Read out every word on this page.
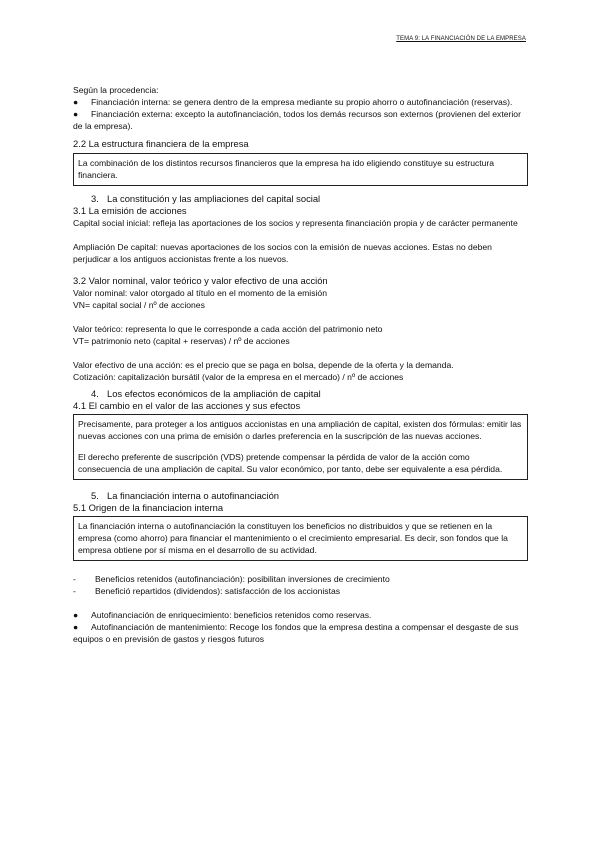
TEMA 9: LA FINANCIACIÓN DE LA EMPRESA

Según la procedencia:

● Financiación interna: se genera dentro de la empresa mediante su propio ahorro o autofinanciación (reservas).

● Financiación externa: excepto la autofinanciación, todos los demás recursos son externos (provienen del exterior de la empresa).

2.2 La estructura financiera de la empresa

La combinación de los distintos recursos financieros que la empresa ha ido eligiendo constituye su estructura financiera.

3. La constitución y las ampliaciones del capital social

3.1 La emisión de acciones

Capital social inicial: refleja las aportaciones de los socios y representa financiación propia y de carácter permanente

Ampliación De capital: nuevas aportaciones de los socios con la emisión de nuevas acciones. Estas no deben perjudicar a los antiguos accionistas frente a los nuevos.

3.2 Valor nominal, valor teórico y valor efectivo de una acción

Valor nominal: valor otorgado al título en el momento de la emisión

VN= capital social / nº de acciones

Valor teórico: representa lo que le corresponde a cada acción del patrimonio neto

VT= patrimonio neto (capital + reservas) / nº de acciones

Valor efectivo de una acción: es el precio que se paga en bolsa, depende de la oferta y la demanda.

Cotización: capitalización bursátil (valor de la empresa en el mercado) / nº de acciones

4. Los efectos económicos de la ampliación de capital

4.1 El cambio en el valor de las acciones y sus efectos

Precisamente, para proteger a los antiguos accionistas en una ampliación de capital, existen dos fórmulas: emitir las nuevas acciones con una prima de emisión o darles preferencia en la suscripción de las nuevas acciones.

El derecho preferente de suscripción (VDS) pretende compensar la pérdida de valor de la acción como consecuencia de una ampliación de capital. Su valor económico, por tanto, debe ser equivalente a esa pérdida.

5. La financiación interna o autofinanciación

5.1 Origen de la financiacion interna

La financiación interna o autofinanciación la constituyen los beneficios no distribuidos y que se retienen en la empresa (como ahorro) para financiar el mantenimiento o el crecimiento empresarial. Es decir, son fondos que la empresa obtiene por sí misma en el desarrollo de su actividad.

- Beneficios retenidos (autofinanciación): posibilitan inversiones de crecimiento

- Benefició repartidos (dividendos): satisfacción de los accionistas

● Autofinanciación de enriquecimiento: beneficios retenidos como reservas.

● Autofinanciación de mantenimiento: Recoge los fondos que la empresa destina a compensar el desgaste de sus equipos o en previsión de gastos y riesgos futuros
